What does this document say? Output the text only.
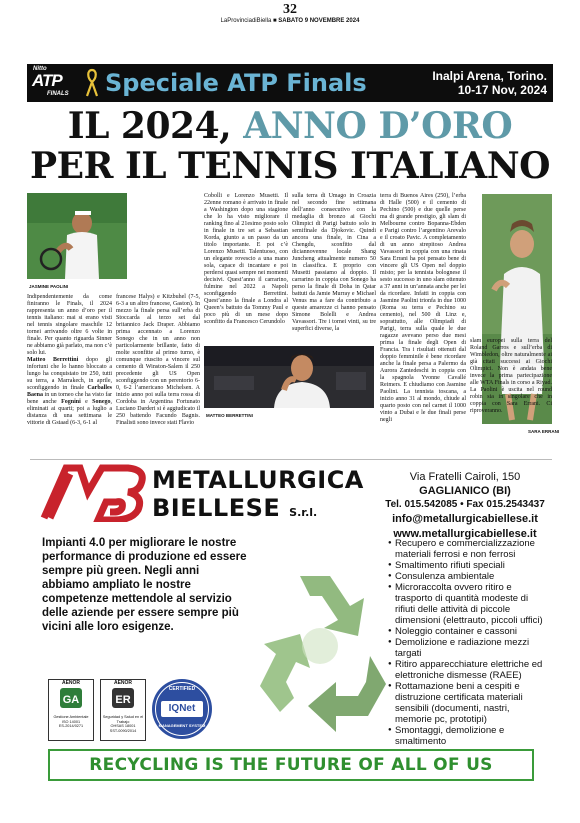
32
LaProvinciadiBiella ■ SABATO 9 NOVEMBRE 2024
Nitto
ATP
FINALS Speciale ATP Finals	Inalpi Arena, Torino.
10-17 Nov, 2024
IL 2024, ANNO D’ORO
PER IL TENNIS ITALIANO
JASMINE PAOLINI
MATTEO BERRETTINI
SARA ERRANI

Indipendentemente da come finiranno le Finals, il 2024 rappresenta un anno d’oro per il tennis italiano: mai si erano visti nel tennis singolare maschile 12 tornei arrivando oltre 6 volte in finale. Per quanto riguarda Sinner ne abbiamo già parlato, ma non c’è solo lui.

Matteo Berrettini dopo gli infortuni che lo hanno bloccato a lungo ha conquistato tre 250, tutti su terra, a Marrakech, in aprile, sconfiggendo in finale Carballes Baena in un torneo che ha visto far bene anche Fognini e Sonego, eliminati ai quarti; poi a luglio a distanza di una settimana le vittorie di Gstaad (6-3, 6-1 al

francese Halys) e Kitzbuhel (7-5, 6-3 a un altro francese, Gaston). In mezzo la finale persa sull’erba di Stoccarda al terzo set dal britannico Jack Draper. Abbiamo prima accennato a Lorenzo Sonego che in un anno non particolarmente brillante, fatto di molte sconfitte al primo turno, è comunque riuscito a vincere sul cemento di Winston-Salem il 250 precedente gli US Open sconfiggendo con un perentorio 6-0, 6-2 l’americano Michelsen. A inizio anno poi sulla terra rossa di Cordoba in Argentina Fortunato Luciano Darderi si è aggiudicato il 250 battendo Facundo Bagnis. Finalisti sono invece stati Flavio

Cobolli e Lorenzo Musetti. Il 22enne romano è arrivato in finale a Washington dopo una stagione che lo ha visto migliorare il ranking fino al 21esimo posto solo in finale in tre set a Sebastian Korda, giunto a un passo da un titolo importante. E poi c’è Lorenzo Musetti. Talentuoso, con un elegante rovescio a una mano sola, capace di incantare e poi perdersi quasi sempre nei momenti decisivi. Quest’anno il carrarino, fulmine nel 2022 a Napoli sconfiggendo Berrettini. Quest’anno la finale a Londra al Queen’s battuto da Tommy Paul e poco più di un mese dopo sconfitto da Francesco Cerundolo

sulla terra di Umago in Croazia nel secondo fine settimana dell’anno consecutivo con la medaglia di bronzo ai Giochi Olimpici di Parigi battuto solo in semifinale da Djokovic. Quindi ancora una finale, in Cina a Chengdu, sconfitto dal diciannovenne locale Shang Juncheng attualmente numero 50 in classifica. E proprio con Musetti passiamo al doppio. Il carrarino in coppia con Sonego ha perso la finale di Doha in Qatar battuti da Jamie Murray e Michael Venus ma a fare da contributo a queste amarezze ci hanno pensato Simone Bolelli e Andrea Vavassori. Tre i tornei vinti, su tre superfici diverse, la

terra di Buenos Aires (250), l’erba di Halle (500) e il cemento di Pechino (500) e due quelle perse ma di grande prestigio, gli slam di Melbourne contro Bopanna-Ebden e Parigi contro l’argentino Arevalo e il croato Pavic. A completamento di un anno strepitoso Andrea Vavassori in coppia con una rinata Sara Errani ha poi pensato bene di vincere gli US Open nel doppio misto; per la tennista bolognese il sesto successo in uno slam ottenuto a 37 anni in un’annata anche per lei da ricordare. Infatti in coppia con Jasmine Paolini trionfa in due 1000 (Roma su terra e Pechino su cemento), nel 500 di Linz e, soprattutto, alle Olimpiadi di Parigi, terra sulla quale le due ragazze avevano perso due mesi prima la finale degli Open di Francia. Tra i risultati ottenuti dal doppio femminile è bene ricordare anche la finale persa a Palermo da Aurora Zantedeschi in coppia con la spagnola Yvonne Cavallé Reimers. E chiudiamo con Jasmine Paolini. La tennista toscana, a inizio anno 31 al mondo, chiude al quarto posto con nel carnet il 1000 vinto a Dubai e le due finali perse negli

slam europei sulla terra del Roland Garros e sull’erba di Wimbledon, oltre naturalmente ai già citati successi ai Giochi Olimpici. Non è andata bene invece la prima partecipazione alle WTA Finals in corso a Riyad. La Paolini è uscita nel round robin sia in singolare che in coppia con Sara Errani. Ci riproveranno.

METALLURGICA
BIELLESE S.r.l.
Via Fratelli Cairoli, 150
GAGLIANICO (BI)
Tel. 015.542085 • Fax 015.2543437
info@metallurgicabiellese.it
www.metallurgicabiellese.it
Impianti 4.0 per migliorare le nostre performance di produzione ed essere sempre più green. Negli anni abbiamo ampliato le nostre competenze mettendole al servizio delle aziende per essere sempre più vicini alle loro esigenze.
● Recupero e commercializzazione materiali ferrosi e non ferrosi
● Smaltimento rifiuti speciali
● Consulenza ambientale
● Microraccolta ovvero ritiro e trasporto di quantità modeste di rifiuti delle attività di piccole dimensioni (elettrauto, piccoli uffici)
● Noleggio container e cassoni
● Demolizione e radiazione mezzi targati
● Ritiro apparecchiature elettriche ed elettroniche dismesse (RAEE)
● Rottamazione beni a cespiti e distruzione certificata materiali sensibili (documenti, nastri, memorie pc, prototipi)
● Smontaggi, demolizione e smaltimento
AENOR
GA
Gestione Ambientale
ISO 14001
ES-2014/0271
AENOR
ER
Seguridad y Salud en el Trabajo
OHSAS 18001
SST-0090/2014
CERTIFIED
IQNet
MANAGEMENT SYSTEM
RECYCLING IS THE FUTURE OF ALL OF US
